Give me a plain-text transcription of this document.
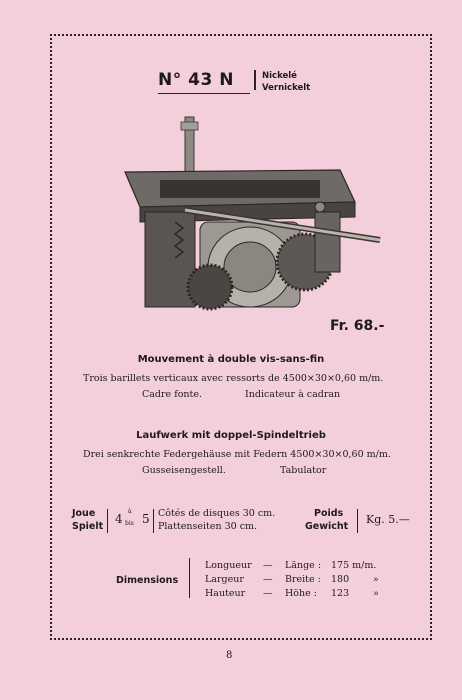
N° 43 N	Nickelé
Vernickelt
Fr. 68.-
Mouvement à double vis-sans-fin
Trois barillets verticaux avec ressorts de 4500×30×0,60 m/m.
Cadre fonte.	Indicateur à cadran
Laufwerk mit doppel-Spindeltrieb
Drei senkrechte Federgehäuse mit Federn 4500×30×0,60 m/m.
Gusseisengestell.	Tabulator
Joue
Spielt
4
à
bis 5 Côtés de disques 30 cm.
Plattenseiten 30 cm.
Poids
Gewicht
Kg. 5.—
Dimensions
Longueur — Länge : 175 m/m.
Largeur — Breite : 180	»
Hauteur — Höhe : 123	»
8
